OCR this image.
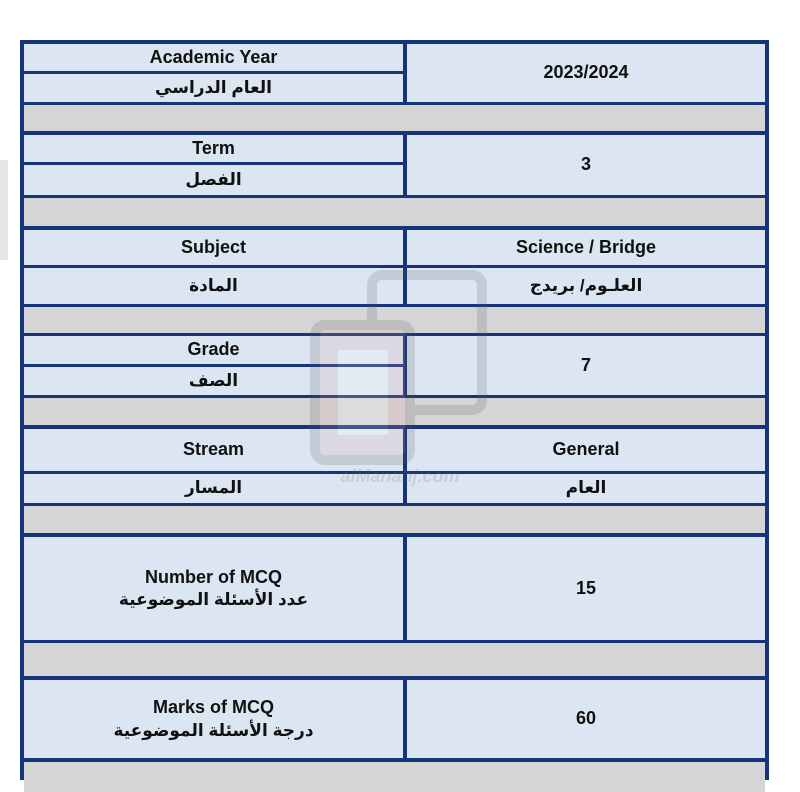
Academic Year
العام الدراسي
2023/2024
Term
الفصل
3
Subject
المادة
Science / Bridge
العلـوم/ بريدج
Grade
الصف
7
Stream
المسار
General
العام
Number of MCQ
عدد الأسئلة الموضوعية
15
Marks of MCQ
درجة الأسئلة الموضوعية
60
